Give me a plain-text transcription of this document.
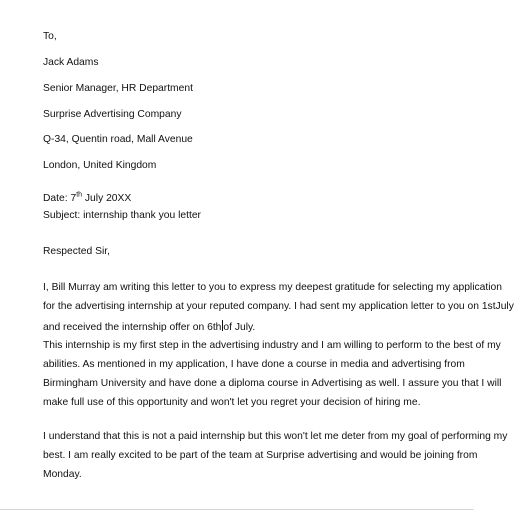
To,
Jack Adams
Senior Manager, HR Department
Surprise Advertising Company
Q-34, Quentin road, Mall Avenue
London, United Kingdom
Date: 7th July 20XX
Subject: internship thank you letter
Respected Sir,
I, Bill Murray am writing this letter to you to express my deepest gratitude for selecting my application
for the advertising internship at your reputed company. I had sent my application letter to you on 1stJuly
and received the internship offer on 6th of July.
This internship is my first step in the advertising industry and I am willing to perform to the best of my
abilities. As mentioned in my application, I have done a course in media and advertising from
Birmingham University and have done a diploma course in Advertising as well. I assure you that I will
make full use of this opportunity and won't let you regret your decision of hiring me.
I understand that this is not a paid internship but this won't let me deter from my goal of performing my
best. I am really excited to be part of the team at Surprise advertising and would be joining from
Monday.
